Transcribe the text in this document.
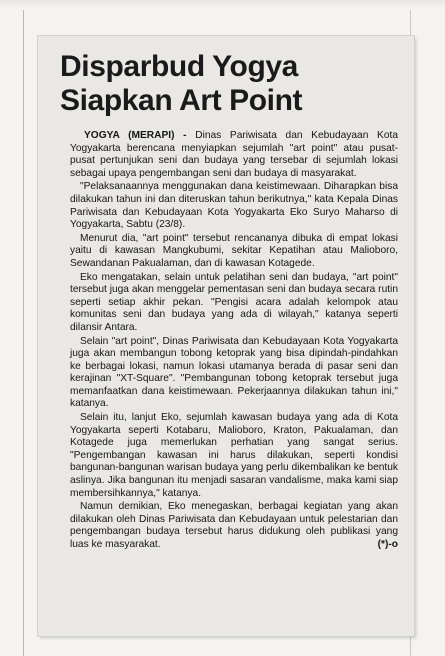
Disparbud Yogya
Siapkan Art Point

YOGYA (MERAPI) - Dinas Pariwisata dan Kebudayaan Kota Yogyakarta berencana menyiapkan sejumlah "art point" atau pusat-pusat pertunjukan seni dan budaya yang tersebar di sejumlah lokasi sebagai upaya pengembangan seni dan budaya di masyarakat.

"Pelaksanaannya menggunakan dana keistimewaan. Diharapkan bisa dilakukan tahun ini dan diteruskan tahun berikutnya," kata Kepala Dinas Pariwisata dan Kebudayaan Kota Yogyakarta Eko Suryo Maharso di Yogyakarta, Sabtu (23/8).

Menurut dia, "art point" tersebut rencananya dibuka di empat lokasi yaitu di kawasan Mangkubumi, sekitar Kepatihan atau Malioboro, Sewandanan Pakualaman, dan di kawasan Kotagede.

Eko mengatakan, selain untuk pelatihan seni dan budaya, "art point" tersebut juga akan menggelar pementasan seni dan budaya secara rutin seperti setiap akhir pekan. "Pengisi acara adalah kelompok atau komunitas seni dan budaya yang ada di wilayah," katanya seperti dilansir Antara.

Selain "art point", Dinas Pariwisata dan Kebudayaan Kota Yogyakarta juga akan membangun tobong ketoprak yang bisa dipindah-pindahkan ke berbagai lokasi, namun lokasi utamanya berada di pasar seni dan kerajinan "XT-Square". "Pembangunan tobong ketoprak tersebut juga memanfaatkan dana keistimewaan. Pekerjaannya dilakukan tahun ini," katanya.

Selain itu, lanjut Eko, sejumlah kawasan budaya yang ada di Kota Yogyakarta seperti Kotabaru, Malioboro, Kraton, Pakualaman, dan Kotagede juga memerlukan perhatian yang sangat serius. "Pengembangan kawasan ini harus dilakukan, seperti kondisi bangunan-bangunan warisan budaya yang perlu dikembalikan ke bentuk aslinya. Jika bangunan itu menjadi sasaran vandalisme, maka kami siap membersihkannya," katanya.

Namun demikian, Eko menegaskan, berbagai kegiatan yang akan dilakukan oleh Dinas Pariwisata dan Kebudayaan untuk pelestarian dan pengembangan budaya tersebut harus didukung oleh publikasi yang luas ke masyarakat.	(*)-o
